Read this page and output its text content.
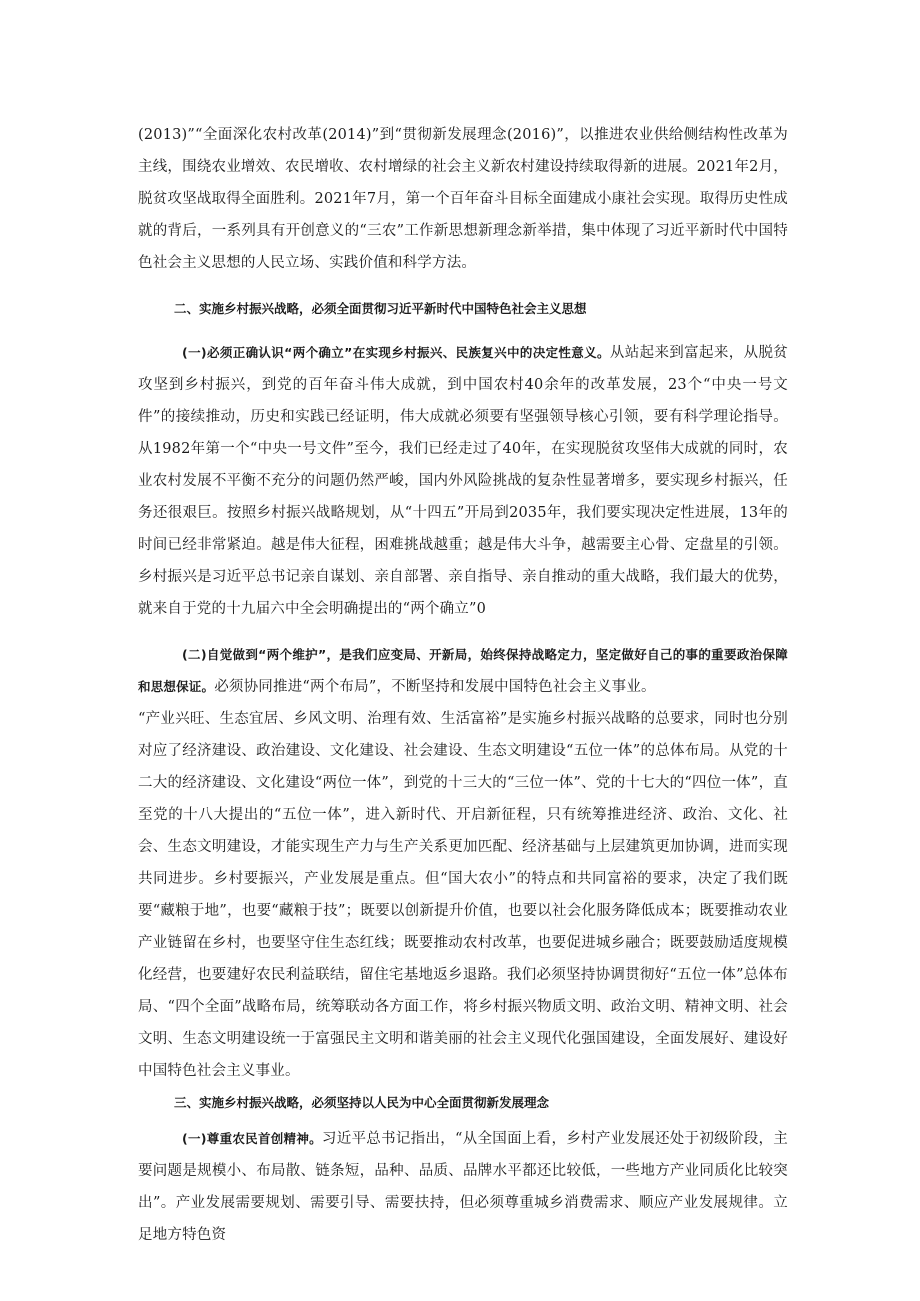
(2013)”“全面深化农村改革(2014)”到“贯彻新发展理念(2016)”，以推进农业供给侧结构性改革为主线，围绕农业增效、农民增收、农村增绿的社会主义新农村建设持续取得新的进展。2021年2月，脱贫攻坚战取得全面胜利。2021年7月，第一个百年奋斗目标全面建成小康社会实现。取得历史性成就的背后，一系列具有开创意义的“三农”工作新思想新理念新举措，集中体现了习近平新时代中国特色社会主义思想的人民立场、实践价值和科学方法。

二、实施乡村振兴战略，必须全面贯彻习近平新时代中国特色社会主义思想

(一)必须正确认识“两个确立”在实现乡村振兴、民族复兴中的决定性意义。从站起来到富起来，从脱贫攻坚到乡村振兴，到党的百年奋斗伟大成就，到中国农村40余年的改革发展，23个“中央一号文件”的接续推动，历史和实践已经证明，伟大成就必须要有坚强领导核心引领，要有科学理论指导。从1982年第一个“中央一号文件”至今，我们已经走过了40年，在实现脱贫攻坚伟大成就的同时，农业农村发展不平衡不充分的问题仍然严峻，国内外风险挑战的复杂性显著增多，要实现乡村振兴，任务还很艰巨。按照乡村振兴战略规划，从“十四五”开局到2035年，我们要实现决定性进展，13年的时间已经非常紧迫。越是伟大征程，困难挑战越重；越是伟大斗争，越需要主心骨、定盘星的引领。乡村振兴是习近平总书记亲自谋划、亲自部署、亲自指导、亲自推动的重大战略，我们最大的优势，就来自于党的十九届六中全会明确提出的“两个确立”0

(二)自觉做到“两个维护”，是我们应变局、开新局，始终保持战略定力，坚定做好自己的事的重要政治保障和思想保证。必须协同推进“两个布局”，不断坚持和发展中国特色社会主义事业。

“产业兴旺、生态宜居、乡风文明、治理有效、生活富裕”是实施乡村振兴战略的总要求，同时也分别对应了经济建设、政治建设、文化建设、社会建设、生态文明建设“五位一体”的总体布局。从党的十二大的经济建设、文化建设“两位一体”，到党的十三大的“三位一体”、党的十七大的“四位一体”，直至党的十八大提出的“五位一体”，进入新时代、开启新征程，只有统筹推进经济、政治、文化、社会、生态文明建设，才能实现生产力与生产关系更加匹配、经济基础与上层建筑更加协调，进而实现共同进步。乡村要振兴，产业发展是重点。但“国大农小”的特点和共同富裕的要求，决定了我们既要“藏粮于地”，也要“藏粮于技”；既要以创新提升价值，也要以社会化服务降低成本；既要推动农业产业链留在乡村，也要坚守住生态红线；既要推动农村改革，也要促进城乡融合；既要鼓励适度规模化经营，也要建好农民利益联结，留住宅基地返乡退路。我们必须坚持协调贯彻好“五位一体”总体布局、“四个全面”战略布局，统筹联动各方面工作，将乡村振兴物质文明、政治文明、精神文明、社会文明、生态文明建设统一于富强民主文明和谐美丽的社会主义现代化强国建设，全面发展好、建设好中国特色社会主义事业。

三、实施乡村振兴战略，必须坚持以人民为中心全面贯彻新发展理念

(一)尊重农民首创精神。习近平总书记指出，“从全国面上看，乡村产业发展还处于初级阶段，主要问题是规模小、布局散、链条短，品种、品质、品牌水平都还比较低，一些地方产业同质化比较突出”。产业发展需要规划、需要引导、需要扶持，但必须尊重城乡消费需求、顺应产业发展规律。立足地方特色资
